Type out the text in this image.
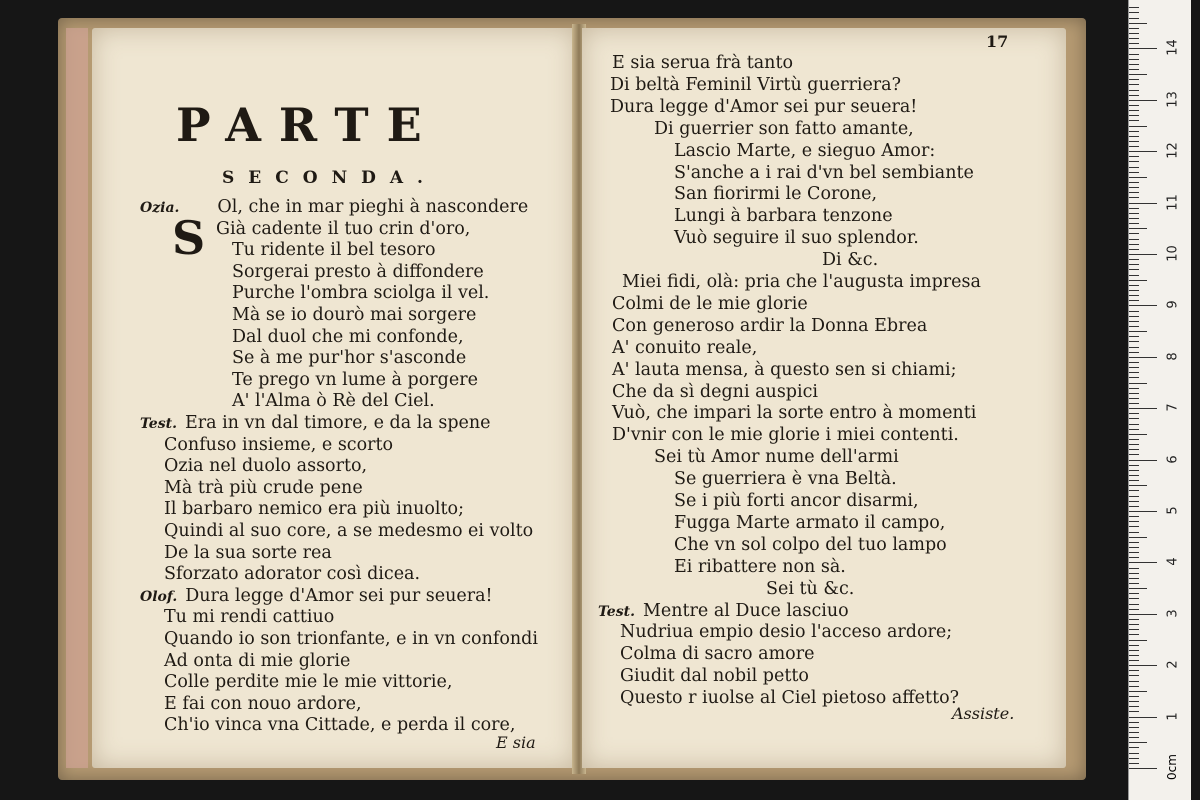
PARTE
SECONDA.
S
Ozia. Ol, che in mar pieghi à nascondere
Già cadente il tuo crin d'oro,
Tu ridente il bel tesoro
Sorgerai presto à diffondere
Purche l'ombra sciolga il vel.
Mà se io dourò mai sorgere
Dal duol che mi confonde,
Se à me pur'hor s'asconde
Te prego vn lume à porgere
A' l'Alma ò Rè del Ciel.
Test. Era in vn dal timore, e da la spene
Confuso insieme, e scorto
Ozia nel duolo assorto,
Mà trà più crude pene
Il barbaro nemico era più inuolto;
Quindi al suo core, a se medesmo ei volto
De la sua sorte rea
Sforzato adorator così dicea.
Olof. Dura legge d'Amor sei pur seuera!
Tu mi rendi cattiuo
Quando io son trionfante, e in vn confondi
Ad onta di mie glorie
Colle perdite mie le mie vittorie,
E fai con nouo ardore,
Ch'io vinca vna Cittade, e perda il core,
E sia
17
E sia serua frà tanto
Di beltà Feminil Virtù guerriera?
Dura legge d'Amor sei pur seuera!
Di guerrier son fatto amante,
Lascio Marte, e sieguo Amor:
S'anche a i rai d'vn bel sembiante
San fiorirmi le Corone,
Lungi à barbara tenzone
Vuò seguire il suo splendor.
Di &c.
Miei fidi, olà: pria che l'augusta impresa
Colmi de le mie glorie
Con generoso ardir la Donna Ebrea
A' conuito reale,
A' lauta mensa, à questo sen si chiami;
Che da sì degni auspici
Vuò, che impari la sorte entro à momenti
D'vnir con le mie glorie i miei contenti.
Sei tù Amor nume dell'armi
Se guerriera è vna Beltà.
Se i più forti ancor disarmi,
Fugga Marte armato il campo,
Che vn sol colpo del tuo lampo
Ei ribattere non sà.
Sei tù &c.
Test. Mentre al Duce lasciuo
Nudriua empio desio l'acceso ardore;
Colma di sacro amore
Giudit dal nobil petto
Questo r iuolse al Ciel pietoso affetto?
Assiste.	1
2
3
4
5
6
7
8
9
10
11
12
13
14
0cm
